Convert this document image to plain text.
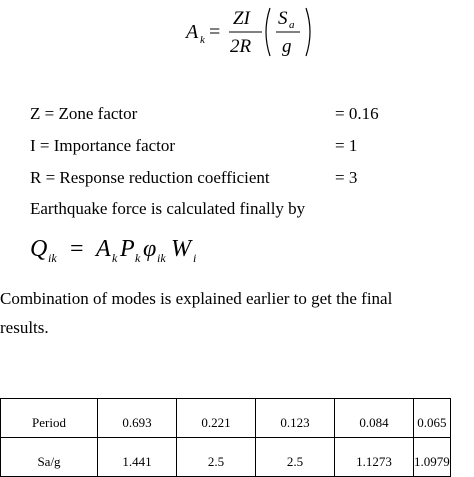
A k =
ZI
2R
S a
g
Z = Zone factor	= 0.16
I = Importance factor	= 1
R = Response reduction coefficient	= 3
Earthquake force is calculated finally by
Q ik = A k P k φ ik W i
Combination of modes is explained earlier to get the final
results.
Period	0.693	0.221	0.123	0.084	0.065

Sa/g	1.441	2.5	2.5	1.1273	1.0979
